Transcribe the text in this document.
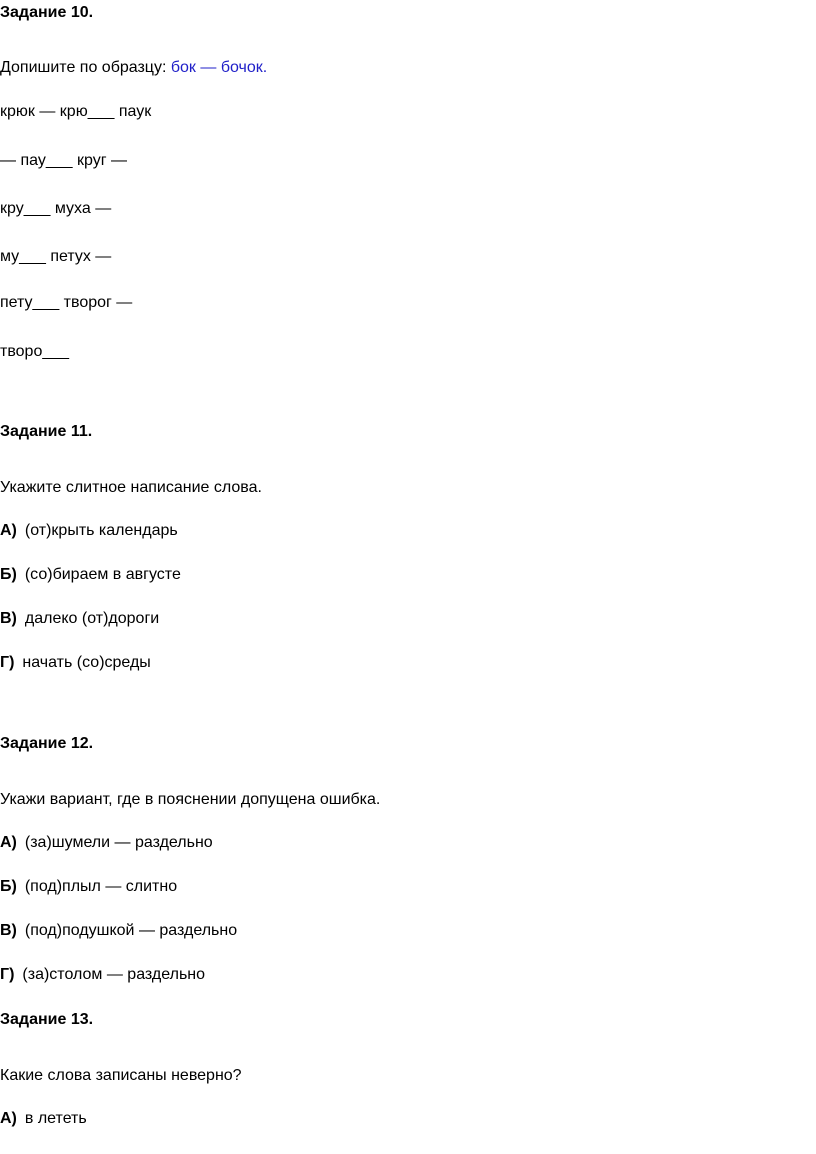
Задание 10.
Допишите по образцу: бок — бочок.
крюк — крю___ паук
— пау___ круг —
кру___ муха —
му___ петух —
пету___ творог —
творо___
Задание 11.
Укажите слитное написание слова.
А) (от)крыть календарь
Б) (со)бираем в августе
В) далеко (от)дороги
Г) начать (со)среды
Задание 12.
Укажи вариант, где в пояснении допущена ошибка.
А) (за)шумели — раздельно
Б) (под)плыл — слитно
В) (под)подушкой — раздельно
Г) (за)столом — раздельно
Задание 13.
Какие слова записаны неверно?
А) в лететь
